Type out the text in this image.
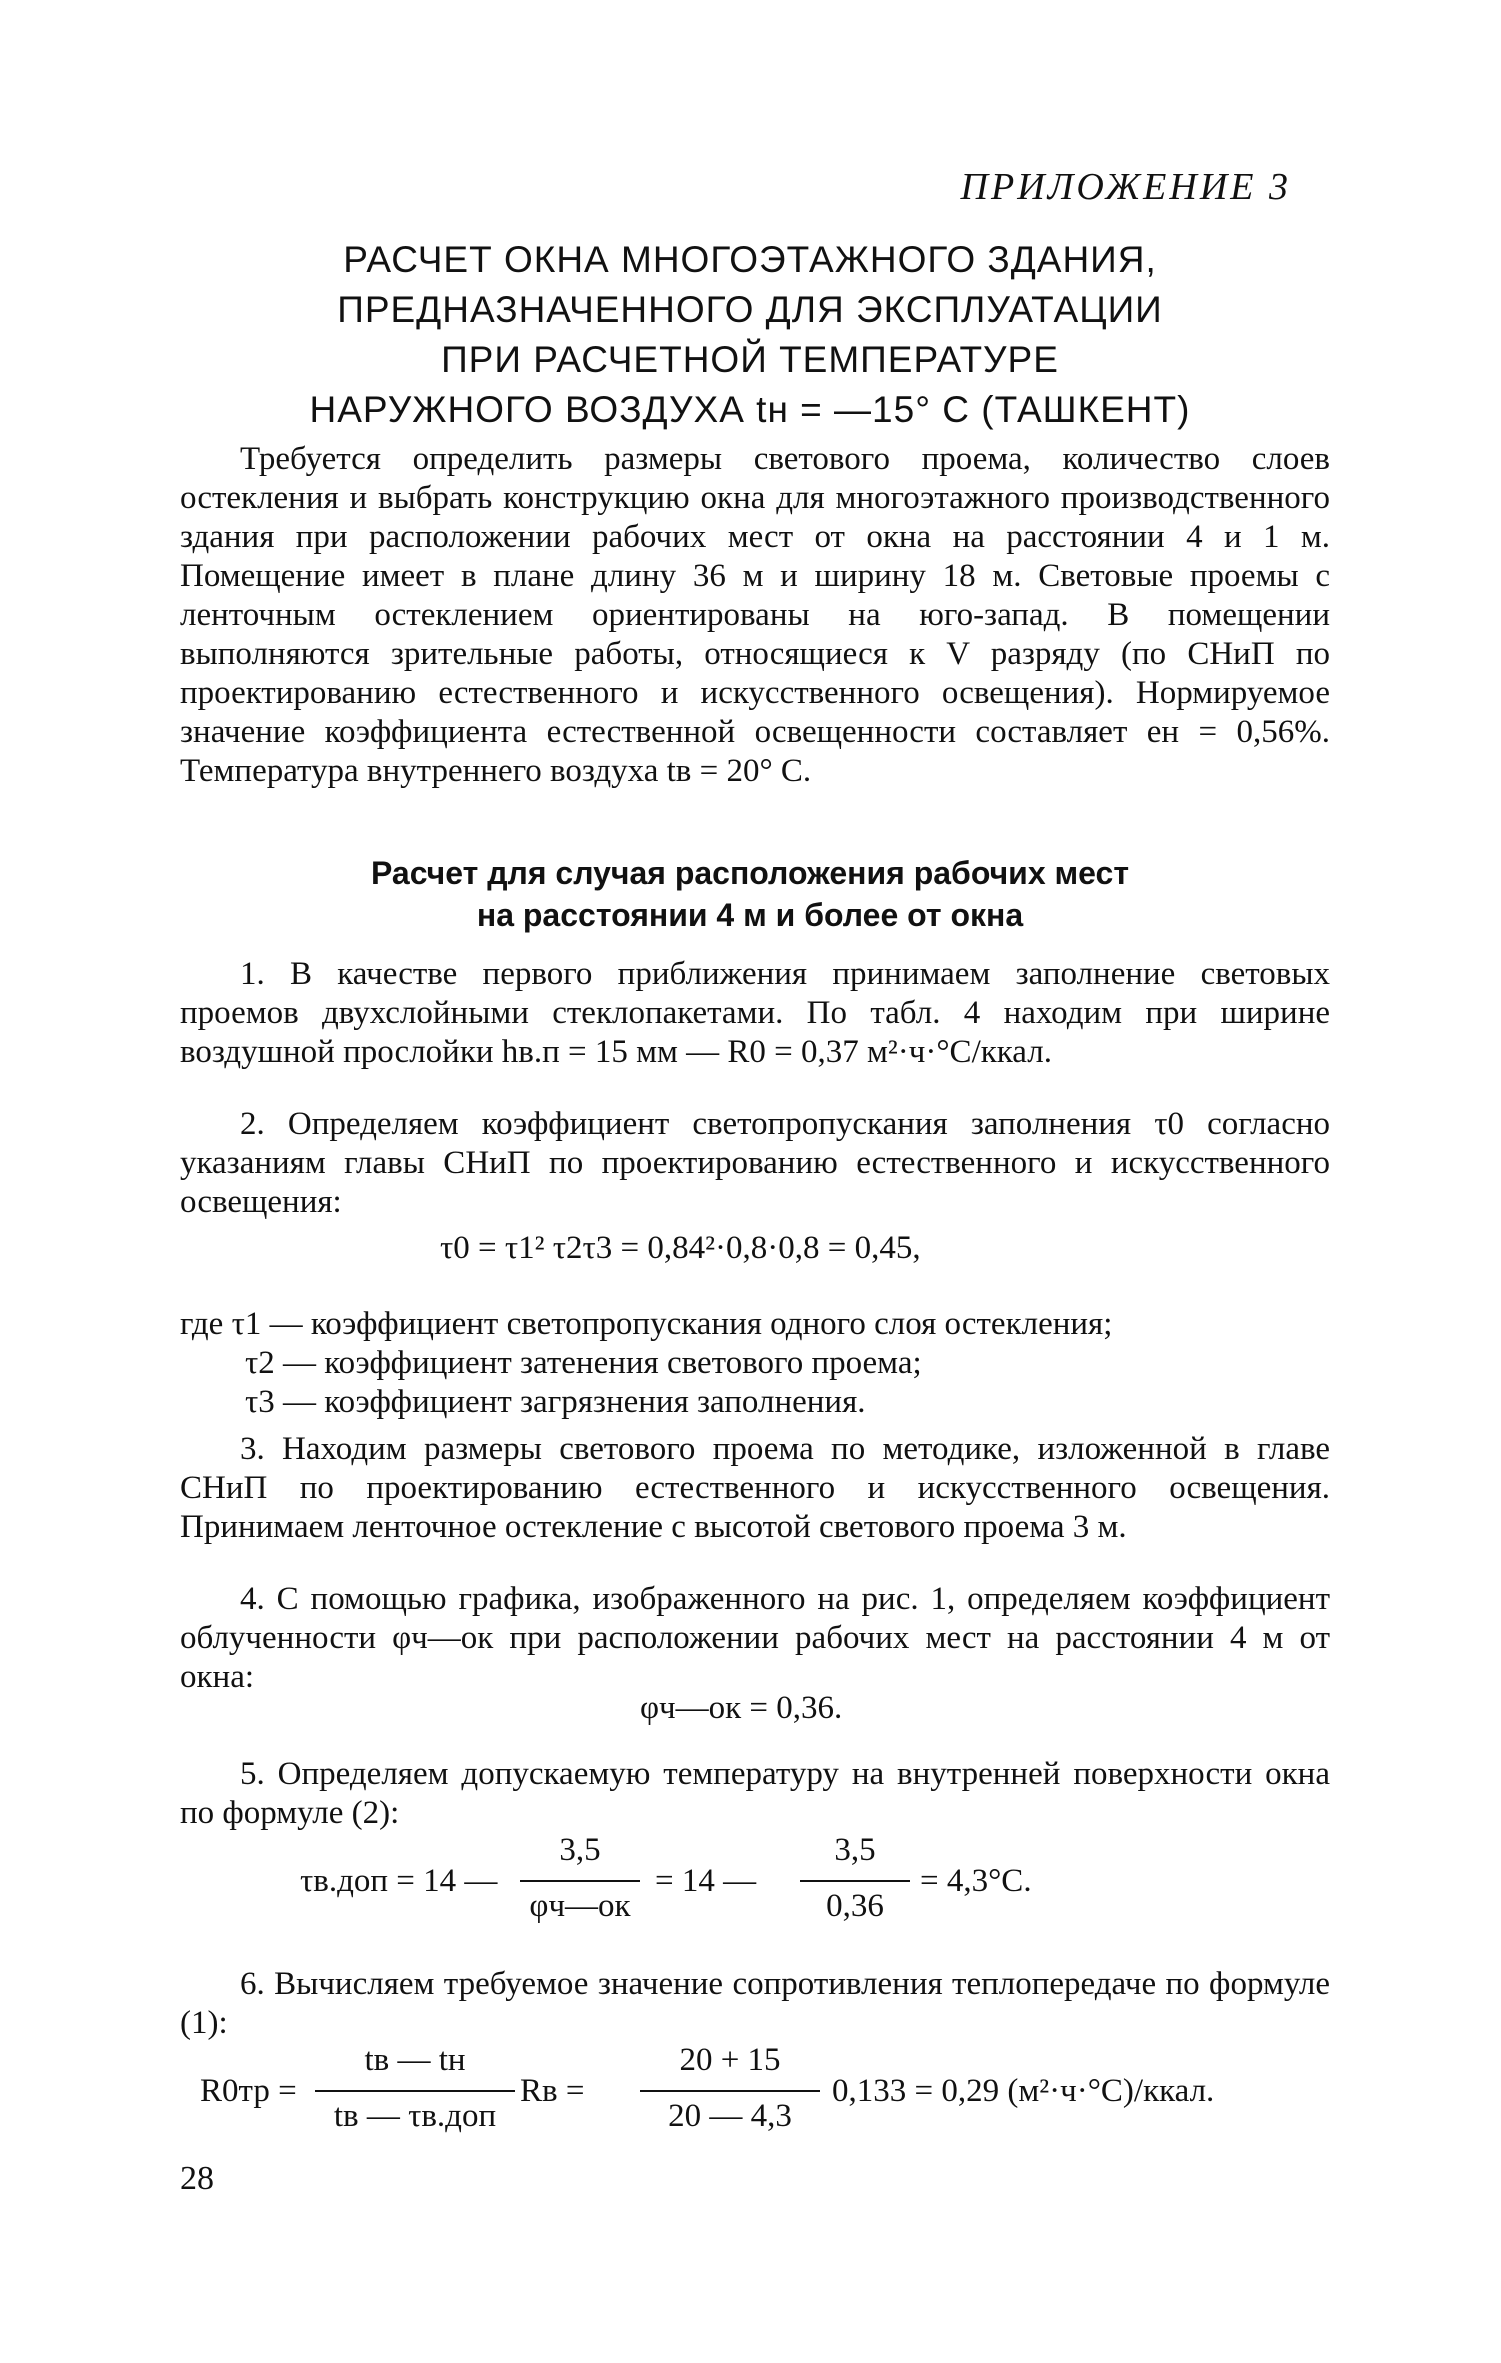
ПРИЛОЖЕНИЕ 3
РАСЧЕТ ОКНА МНОГОЭТАЖНОГО ЗДАНИЯ,
ПРЕДНАЗНАЧЕННОГО ДЛЯ ЭКСПЛУАТАЦИИ
ПРИ РАСЧЕТНОЙ ТЕМПЕРАТУРЕ
НАРУЖНОГО ВОЗДУХА tн = —15° С (ТАШКЕНТ)
Требуется определить размеры светового проема, количество слоев остекления и выбрать конструкцию окна для многоэтажного производственного здания при расположении рабочих мест от окна на расстоянии 4 и 1 м. Помещение имеет в плане длину 36 м и ширину 18 м. Световые проемы с ленточным остеклением ориентированы на юго-запад. В помещении выполняются зрительные работы, относящиеся к V разряду (по СНиП по проектированию естественного и искусственного освещения). Нормируемое значение коэффициента естественной освещенности составляет eн = 0,56%. Температура внутреннего воздуха tв = 20° С.
Расчет для случая расположения рабочих мест
на расстоянии 4 м и более от окна
1. В качестве первого приближения принимаем заполнение световых проемов двухслойными стеклопакетами. По табл. 4 находим при ширине воздушной прослойки hв.п = 15 мм — R0 = 0,37 м²·ч·°С/ккал.
2. Определяем коэффициент светопропускания заполнения τ0 согласно указаниям главы СНиП по проектированию естественного и искусственного освещения:
τ0 = τ1² τ2τ3 = 0,84²·0,8·0,8 = 0,45,
где τ1 — коэффициент светопропускания одного слоя остекления;
τ2 — коэффициент затенения светового проема;
τ3 — коэффициент загрязнения заполнения.
3. Находим размеры светового проема по методике, изложенной в главе СНиП по проектированию естественного и искусственного освещения. Принимаем ленточное остекление с высотой светового проема 3 м.
4. С помощью графика, изображенного на рис. 1, определяем коэффициент облученности φч—ок при расположении рабочих мест на расстоянии 4 м от окна:
φч—ок = 0,36.
5. Определяем допускаемую температуру на внутренней поверхности окна по формуле (2):
τв.доп = 14 —
3,5
φч—ок
= 14 —
3,5
0,36
= 4,3°С.
6. Вычисляем требуемое значение сопротивления теплопередаче по формуле (1):
R0тр =
tв — tн
tв — τв.доп
Rв =
20 + 15
20 — 4,3
0,133 = 0,29 (м²·ч·°С)/ккал.
28
